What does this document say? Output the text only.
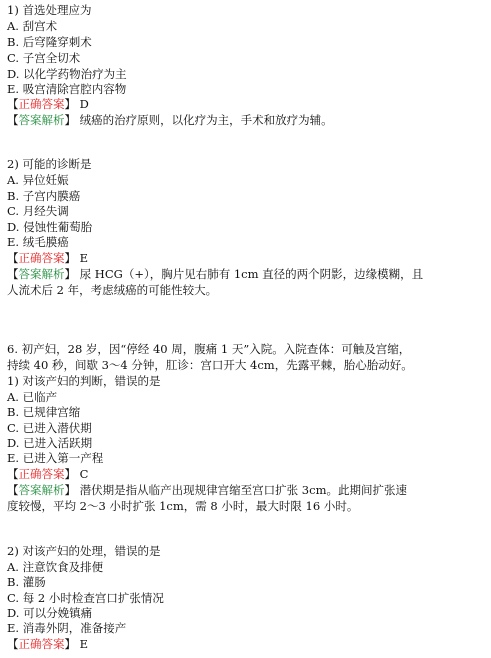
1) 首选处理应为
A. 刮宫术
B. 后穹隆穿刺术
C. 子宫全切术
D. 以化学药物治疗为主
E. 吸宫清除宫腔内容物
【正确答案】 D
【答案解析】 绒癌的治疗原则，以化疗为主，手术和放疗为辅。
2) 可能的诊断是
A. 异位妊娠
B. 子宫内膜癌
C. 月经失调
D. 侵蚀性葡萄胎
E. 绒毛膜癌
【正确答案】 E
【答案解析】 尿 HCG（+），胸片见右肺有 1cm 直径的两个阴影，边缘模糊，且
人流术后 2 年，考虑绒癌的可能性较大。
6. 初产妇，28 岁，因“停经 40 周，腹痛 1 天”入院。入院查体：可触及宫缩，
持续 40 秒，间歇 3～4 分钟，肛诊：宫口开大 4cm，先露平棘，胎心胎动好。
1) 对该产妇的判断，错误的是
A. 已临产
B. 已规律宫缩
C. 已进入潜伏期
D. 已进入活跃期
E. 已进入第一产程
【正确答案】 C
【答案解析】 潜伏期是指从临产出现规律宫缩至宫口扩张 3cm。此期间扩张速
度较慢，平均 2～3 小时扩张 1cm，需 8 小时，最大时限 16 小时。
2) 对该产妇的处理，错误的是
A. 注意饮食及排便
B. 灌肠
C. 每 2 小时检查宫口扩张情况
D. 可以分娩镇痛
E. 消毒外阴，准备接产
【正确答案】 E
